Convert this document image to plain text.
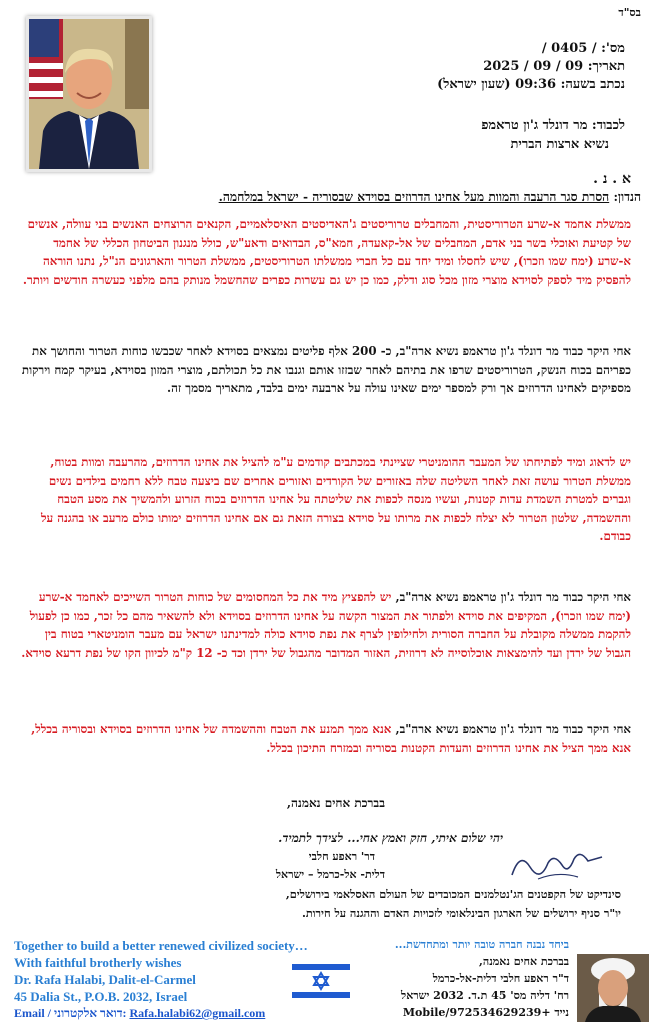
בס"ד
מס': / 0405 /
תאריך: 09 / 09 / 2025
נכתב בשעה: 09:36 (שעון ישראל)
לכבוד: מר דונלד ג'ון טראמפ
נשיא ארצות הברית
א . נ .
הנדון: הסרת סגר הרעבה והמוות מעל אחינו הדרוזים בסוידא שבסוריה - ישראל במלחמה.
ממשלת אחמד א-שרע הטרוריסטית, והמחבלים טרוריסטים ג'האדיסטים האיסלאמיים, הקנאים הרוצחים האנשים בני עוולה, אנשים של קטיעת ואוכלי בשר בני אדם, המחבלים של אל-קאעדה, חמא"ס, הבדואים ודאע"ש, כולל מנגנון הביטחון הכללי של אחמד א-שרע (ימח שמו וזכרו), שיש לחסלו ומיד יחד עם כל חברי ממשלתו הטרוריסטים, ממשלת הטרור והארגונים הנ"ל, נתנו הוראה להפסיק מיד לספק לסוידא מוצרי מזון מכל סוג ודלק, כמו כן יש גם עשרות כפרים שהחשמל מנותק בהם מלפני כעשרה חודשים ויותר.
אחי היקר כבוד מר דונלד ג'ון טראמפ נשיא ארה"ב, כ- 200 אלף פליטים נמצאים בסוידא לאחר שכבשו כוחות הטרור והחושך את כפריהם בכוח הנשק, הטרוריסטים שרפו את בתיהם לאחר שבזזו אותם וגנבו את כל תכולתם, מוצרי המזון בסוידא, בעיקר קמח וירקות מספיקים לאחינו הדרוזים אך ורק למספר ימים שאינו עולה על ארבעה ימים בלבד, מתאריך מסמך זה.
יש לדאוג ומיד לפתיחתו של המעבר ההומניטרי שציינתי במכתבים קודמים ע"מ להציל את אחינו הדרוזים, מהרעבה ומוות בטוח, ממשלת הטרור עושה זאת לאחר השליטה שלה באזורים של הקורדים ואזורים אחרים שם ביצעה טבח ללא רחמים בילדים נשים וגברים למטרת השמדת עדות קטנות, ועשיו מנסה לכפות את שליטתה על אחינו הדרוזים בכוח הזרוע ולהמשיך את מסע הטבח וההשמדה, שלטון הטרור לא יצלח לכפות את מרותו על סוידא בצורה הזאת גם אם אחינו הדרוזים ימותו כולם מרעב או בהגנה על כבודם.
אחי היקר כבוד מר דונלד ג'ון טראמפ נשיא ארה"ב, יש להפציץ מיד את כל המחסומים של כוחות הטרור השייכים לאחמד א-שרע (ימח שמו וזכרו), המקיפים את סוידא ולפתור את המצור הקשה על אחינו הדרוזים בסוידא ולא להשאיר מהם כל זכר, כמו כן לפעול להקמת ממשלה מקובלת על החברה הסורית ולחילופין לצרף את נפת סוידא כולה למדינתנו ישראל עם מעבר הומניטארי בטוח בין הגבול של ירדן ועד להימצאות אוכלוסייה לא דרוזית, האזור המדובר מהגבול של ירדן וכד כ- 12 ק"מ לכיוון הקו של נפת דרעא סוידא.
אחי היקר כבוד מר דונלד ג'ון טראמפ נשיא ארה"ב, אנא ממך תמנע את הטבח וההשמדה של אחינו הדרוזים בסוידא ובסוריה בכלל, אנא ממך הציל את אחינו הדרוזים והעדות הקטנות בסוריה ובמזרח התיכון בכלל.
בברכת אחים נאמנה,
יהי שלום איתי, חזק ואמץ אחי... לצידך לתמיד.
דר' ראפע חלבי
דלית- אל-כרמל – ישראל
סינדיקט של הקפטנים הג'נטלמנים המכובדים של העולם האסלאמי בירושלים,
יו"ר סניף ירושלים של הארגון הבינלאומי לזכויות האדם וההגנה על חירות.
Together to build a better renewed civilized society…
With faithful brotherly wishes
Dr. Rafa Halabi, Dalit-el-Carmel
45 Dalia St., P.O.B. 2032, Israel
Email / דואר אלקטרוני: Rafa.halabi62@gmail.com
ביחד נבנה חברה טובה יותר ומתחדשת...
בברכת אחים נאמנה,
ד"ר ראפע חלבי דלית-אל-כרמל
רח' דליה מס' 45 ת.ד. 2032 ישראל
Mobile/נייד +972534629239
